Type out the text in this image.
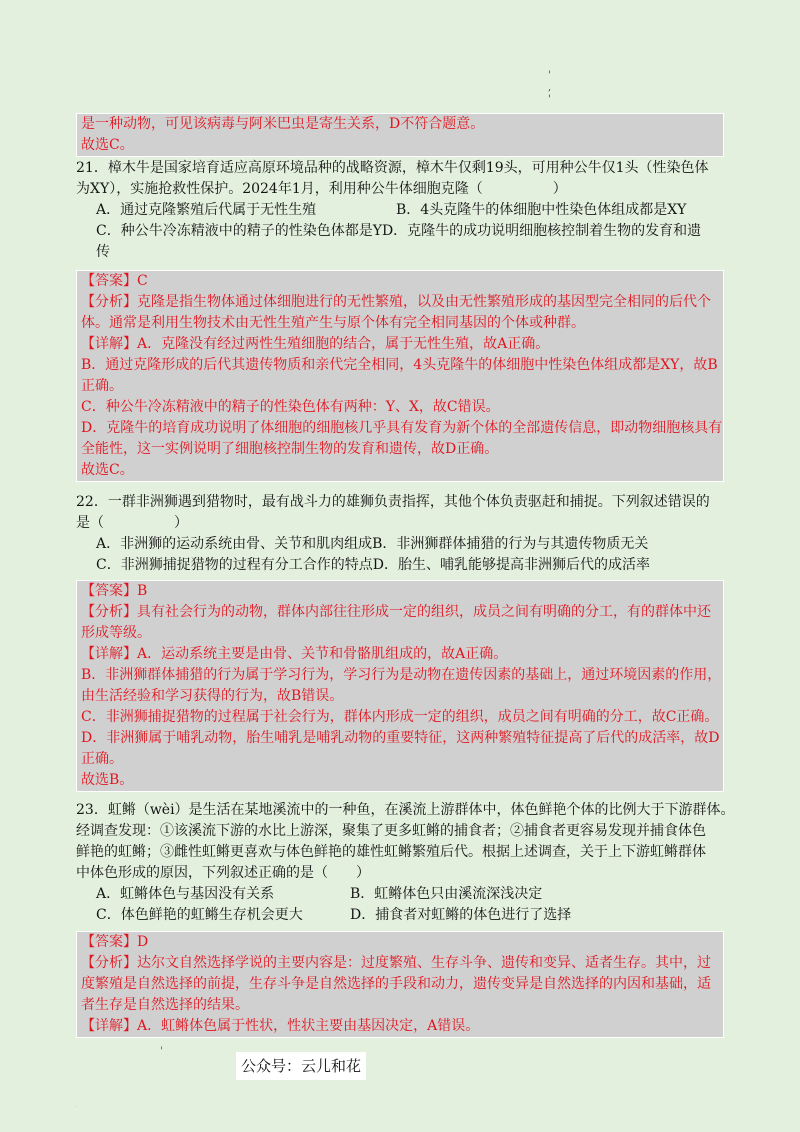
'
,
'
是一种动物，可见该病毒与阿米巴虫是寄生关系，D不符合题意。
故选C。
21．樟木牛是国家培育适应高原环境品种的战略资源，樟木牛仅剩19头，可用种公牛仅1头（性染色体
为XY），实施抢救性保护。2024年1月，利用种公牛体细胞克隆（　　　　　）
A．通过克隆繁殖后代属于无性生殖	B．4头克隆牛的体细胞中性染色体组成都是XY
C．种公牛冷冻精液中的精子的性染色体都是YD．克隆牛的成功说明细胞核控制着生物的发育和遗
传
【答案】C
【分析】克隆是指生物体通过体细胞进行的无性繁殖，以及由无性繁殖形成的基因型完全相同的后代个
体。通常是利用生物技术由无性生殖产生与原个体有完全相同基因的个体或种群。
【详解】A．克隆没有经过两性生殖细胞的结合，属于无性生殖，故A正确。
B．通过克隆形成的后代其遗传物质和亲代完全相同，4头克隆牛的体细胞中性染色体组成都是XY，故B
正确。
C．种公牛冷冻精液中的精子的性染色体有两种：Y、X，故C错误。
D．克隆牛的培育成功说明了体细胞的细胞核几乎具有发育为新个体的全部遗传信息，即动物细胞核具有
全能性，这一实例说明了细胞核控制生物的发育和遗传，故D正确。
故选C。
22．一群非洲狮遇到猎物时，最有战斗力的雄狮负责指挥，其他个体负责驱赶和捕捉。下列叙述错误的
是（　　　　　）
A．非洲狮的运动系统由骨、关节和肌肉组成B．非洲狮群体捕猎的行为与其遗传物质无关
C．非洲狮捕捉猎物的过程有分工合作的特点D．胎生、哺乳能够提高非洲狮后代的成活率
【答案】B
【分析】具有社会行为的动物，群体内部往往形成一定的组织，成员之间有明确的分工，有的群体中还
形成等级。
【详解】A．运动系统主要是由骨、关节和骨骼肌组成的，故A正确。
B．非洲狮群体捕猎的行为属于学习行为，学习行为是动物在遗传因素的基础上，通过环境因素的作用，
由生活经验和学习获得的行为，故B错误。
C．非洲狮捕捉猎物的过程属于社会行为，群体内形成一定的组织，成员之间有明确的分工，故C正确。
D．非洲狮属于哺乳动物，胎生哺乳是哺乳动物的重要特征，这两种繁殖特征提高了后代的成活率，故D
正确。
故选B。
23．虹鳉（wèi）是生活在某地溪流中的一种鱼，在溪流上游群体中，体色鲜艳个体的比例大于下游群体。
经调查发现：①该溪流下游的水比上游深，聚集了更多虹鳉的捕食者；②捕食者更容易发现并捕食体色
鲜艳的虹鳉；③雌性虹鳉更喜欢与体色鲜艳的雄性虹鳉繁殖后代。根据上述调查，关于上下游虹鳉群体
中体色形成的原因，下列叙述正确的是（　　）
A．虹鳉体色与基因没有关系	B．虹鳉体色只由溪流深浅决定
C．体色鲜艳的虹鳉生存机会更大	D．捕食者对虹鳉的体色进行了选择
【答案】D
【分析】达尔文自然选择学说的主要内容是：过度繁殖、生存斗争、遗传和变异、适者生存。其中，过
度繁殖是自然选择的前提，生存斗争是自然选择的手段和动力，遗传变异是自然选择的内因和基础，适
者生存是自然选择的结果。
【详解】A．虹鳉体色属于性状，性状主要由基因决定，A错误。
'
公众号：云儿和花
·
